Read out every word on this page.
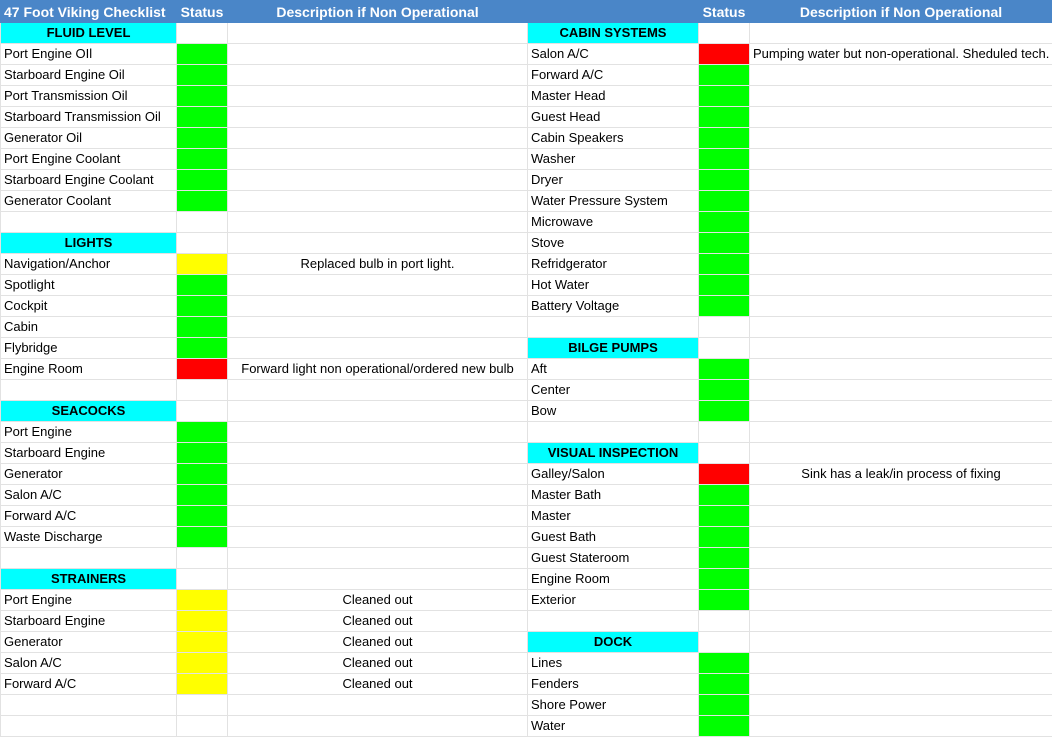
47 Foot Viking Checklist	Status	Description if Non Operational		Status	Description if Non Operational
FLUID LEVEL			CABIN SYSTEMS		
Port Engine OIl			Salon A/C		Pumping water but non-operational. Sheduled tech.
Starboard Engine Oil			Forward A/C		
Port Transmission Oil			Master Head		
Starboard Transmission Oil			Guest Head		
Generator Oil			Cabin Speakers		
Port Engine Coolant			Washer		
Starboard Engine Coolant			Dryer		
Generator Coolant			Water Pressure System		
			Microwave		
LIGHTS			Stove		
Navigation/Anchor		Replaced bulb in port light.	Refridgerator		
Spotlight			Hot Water		
Cockpit			Battery Voltage		
Cabin					
Flybridge			BILGE PUMPS		
Engine Room		Forward light non operational/ordered new bulb	Aft		
			Center		
SEACOCKS			Bow		
Port Engine					
Starboard Engine			VISUAL INSPECTION		
Generator			Galley/Salon		Sink has a leak/in process of fixing
Salon A/C			Master Bath		
Forward A/C			Master		
Waste Discharge			Guest Bath		
			Guest Stateroom		
STRAINERS			Engine Room		
Port Engine		Cleaned out	Exterior		
Starboard Engine		Cleaned out			
Generator		Cleaned out	DOCK		
Salon A/C		Cleaned out	Lines		
Forward A/C		Cleaned out	Fenders		
			Shore Power		
			Water		
